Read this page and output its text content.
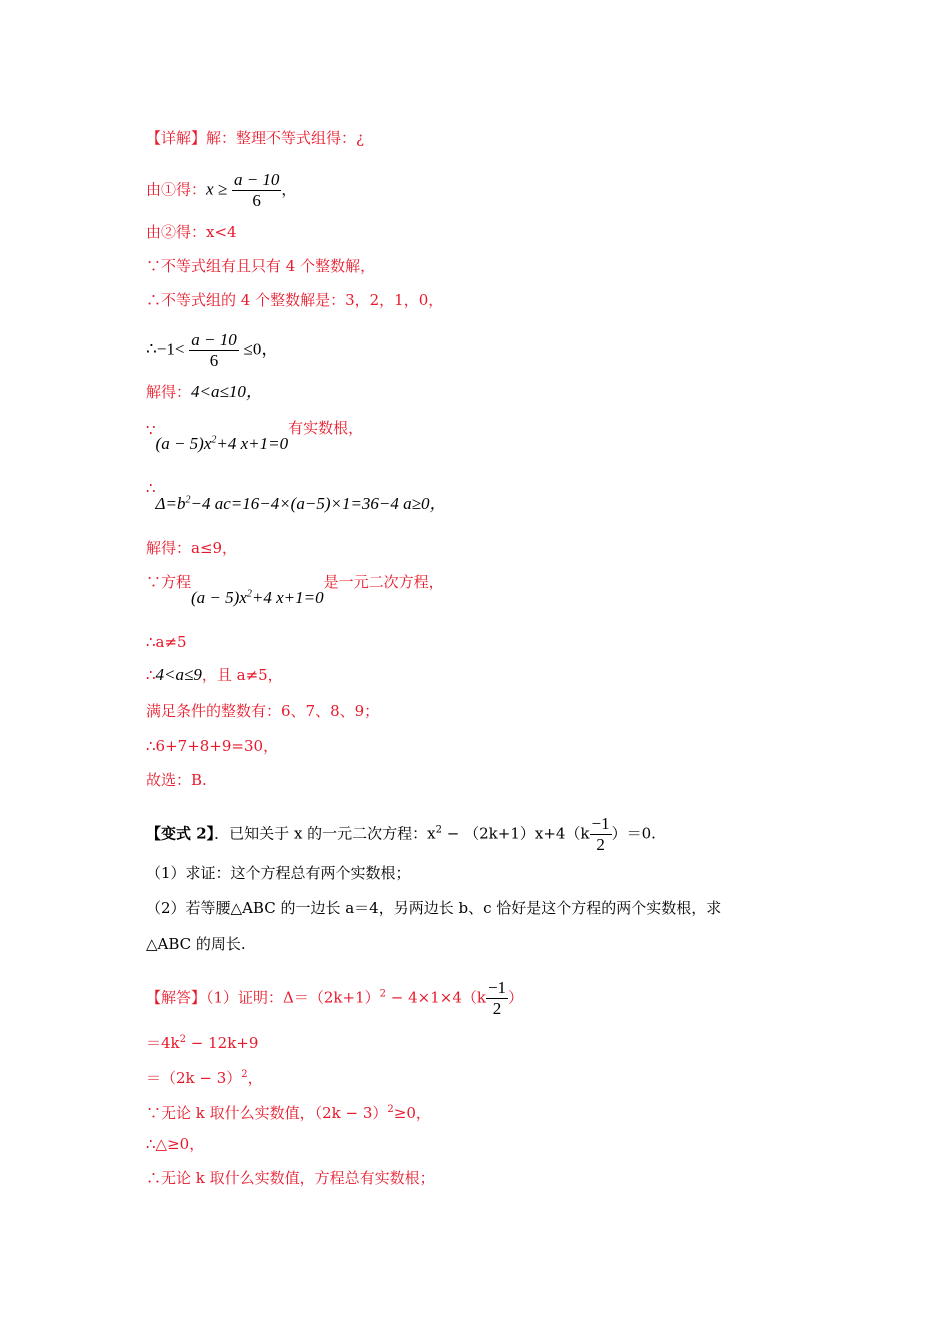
【详解】解：整理不等式组得：¿
由①得：$x \ge \frac{a - 10}{6}$ ，
由②得：x<4
∵不等式组有且只有 4 个整数解，
∴不等式组的 4 个整数解是：3，2，1，0，
∴−1< $\frac{a - 10}{6} \le 0$，
解得：4<a≤10，
∵(a − $5)x^2+4$ x+1=0有实数根，
$\therefore\Delta=b^2-4$ ac=16−4×(a−5)×1=36−4 a≥0，
解得：a≤9，
∵方程$(a - 5)x^2+4$ x+1=0是一元二次方程，
∴a≠5
∴4<a≤9，且 a≠5，
满足条件的整数有：6、7、8、9；
∴6+7+8+9=30，
故选：B.
【变式 2】．已知关于 x 的一元二次方程：$x^2 - (2k+1)x+4(k \frac{-1}{2} )=0$.
（1）求证：这个方程总有两个实数根；
（2）若等腰△ABC 的一边长 a＝4，另两边长 b、c 恰好是这个方程的两个实数根，求
△ABC 的周长.
【解答】（1）证明：$\Delta=(2k+1)^2 - 4\times 1\times 4(k \frac{-1}{2}$ ）
$=4k^2 - 12k+9$
$=(2k - 3)^2$，
∵无论 k 取什么实数值，$(2k - 3)^2\ge 0$，
∴△≥0，
∴无论 k 取什么实数值，方程总有实数根；
